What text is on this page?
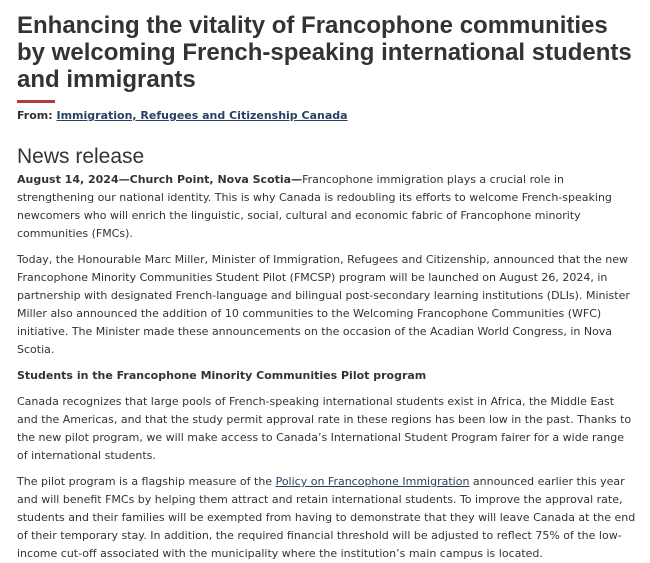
Enhancing the vitality of Francophone communities by welcoming French-speaking international students and immigrants

From: Immigration, Refugees and Citizenship Canada

News release

August 14, 2024—Church Point, Nova Scotia—Francophone immigration plays a crucial role in strengthening our national identity. This is why Canada is redoubling its efforts to welcome French-speaking newcomers who will enrich the linguistic, social, cultural and economic fabric of Francophone minority communities (FMCs).

Today, the Honourable Marc Miller, Minister of Immigration, Refugees and Citizenship, announced that the new Francophone Minority Communities Student Pilot (FMCSP) program will be launched on August 26, 2024, in partnership with designated French-language and bilingual post-secondary learning institutions (DLIs). Minister Miller also announced the addition of 10 communities to the Welcoming Francophone Communities (WFC) initiative. The Minister made these announcements on the occasion of the Acadian World Congress, in Nova Scotia.

Students in the Francophone Minority Communities Pilot program

Canada recognizes that large pools of French-speaking international students exist in Africa, the Middle East and the Americas, and that the study permit approval rate in these regions has been low in the past. Thanks to the new pilot program, we will make access to Canada’s International Student Program fairer for a wide range of international students.

The pilot program is a flagship measure of the Policy on Francophone Immigration announced earlier this year and will benefit FMCs by helping them attract and retain international students. To improve the approval rate, students and their families will be exempted from having to demonstrate that they will leave Canada at the end of their temporary stay. In addition, the required financial threshold will be adjusted to reflect 75% of the low-income cut-off associated with the municipality where the institution’s main campus is located.
